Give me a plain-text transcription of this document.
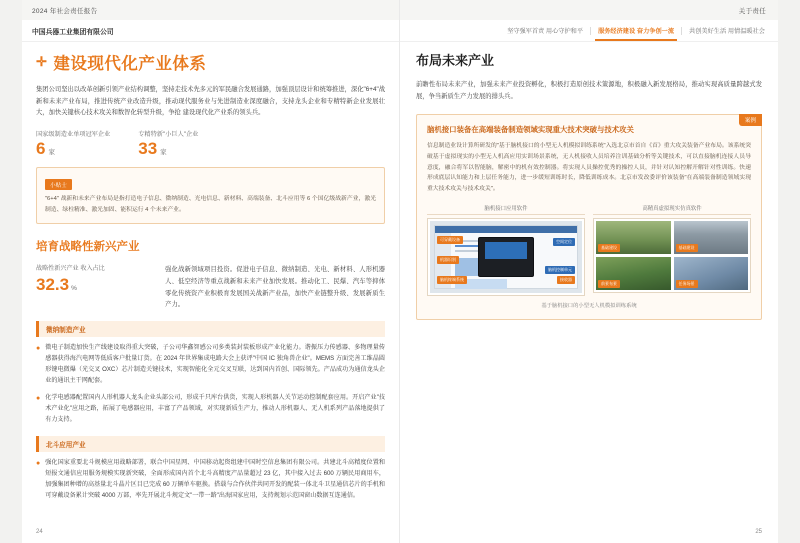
2024 年社会责任报告
中国兵器工业集团有限公司
✛ 建设现代化产业体系
集团公司坚出以改革创新引领产业结构调整，坚持走技术先多元的军民融合发展通路，加强顶层设计和统筹推进，深化"6+4"战新和未来产业布局，推进传统产业改造升级，推动现代服务业与先进制造业深度融合，支持龙头企业和专精特新企业发展壮大，加快关键核心技术攻关和数智化转型升级，争抢 建设现代化产业系的领头兵。
国家级制造业单项冠军企业
6 家
专精特新"小巨人"企业
33 家
小贴士
"6+4" 战新和未来产业布局是指打造电子信息、微纳制造、光电信息、新材料、高端装备、北斗应用等 6 个国亿级战新产业，激光制造、绿柱精准、激光加固、能积运行 4 个未来产业。
培育战略性新兴产业
战略性新兴产业 收入占比
32.3 %
强化战新领域项目投资。促进电子信息、微纳制造、光电、新材料、人形机器人、低空经济等重点战新和未来产业加快发展。推动化工、民爆、汽车等抑体零化传统资产业积极育发展国关战新产业品，加快产业链整升级、发展新质生产力。
微纳制造产业
● 微电子制造加快生产线建设取得重大突破，子公司华鑫智感公司多类装封装板形成产业化能力。谐振压力传感器、多物理量传感器获得海汽电网等低质客户批量订货。在 2024 年世界集成电路大会上获评"中国 IC 独角兽企业"。MEMS 方面完善工维晶圆形键电微爆（光交叉 OXC）芯片制造关键技术，实现智能化全元交叉互联，达到国内首创、国际领先。产品成功为通信龙头企业的通讯主干网配套。
● 化学电感器配置国内人形机器人龙头企业头部公司，形成千只库台供货，实现人形机器人关节运动控制配套应用。开启产业"技术产业化"应用之路，拓展了电感器应用，丰富了产品领域，对实现新质生产力，推动人形机器人、无人机系列产品落地提供了有力支持。
北斗应用产业
● 强化国家重要北斗规模应用战略部署，联合中国星网、中国移动起资组建中国时空信息集团有限公司。共建北斗高精度位置和短报文通信应用服务规模实现新突破，全面形成国内首个北斗高精度产品量超过 23 亿，其中接入过去 600 万辆民用商用车，加强集团种增的高基量北斗晶片区目已完成 60 万辆单车驱换。搭载与合作伙伴共同开发的配装一体北斗卫星通信芯片的手机和可穿戴设备累计突破 4000 万部，率先开展北斗规定文"一带一路"出海国家应用，支持规划示范国窗山数据互连通信。
24
关于责任
坚守强军首责 用心守护和平	服务经济建设 奋力争创一流	共创美好生活 用情温暖社会
布局未来产业
前瞻性布局未来产业，加强未来产业投资孵化，积极打造原创技术策源地，积极融入新发展格局，推动实现高质量跨越式发展，争当新质生产力发展的排头兵。
案例
脑机接口装备在高端装备制造领域实现重大技术突破与技术攻关
信息制造业设计算所研发的"基于脑机接口的小型无人机模拟训练系统"入选北京市首自《首》重大攻关装备产业布局。该系统突破基于虚拟现实的小型无人机高应用实训场景系统，无人机接收人员培养注训基础分析等关键技术，可以直接脑机连接人员导意度，融合将军以智能脑，解密中的机有效控制器。将实现人员操控优秀的操控人员，并针对认知控解开解针对性训练。快速形成底层认知能力和上层任务能力，进一步缓短训练时长，降低训练成本。北京市发改委评价该装备"在高端装备制造领域实现重大技术攻关与技术攻关"。
脑机接口应用软件
可穿戴设备
机器识别
空间定位
脑机控制单元
接收器
脑机终端系统
高精真虚拟现实仿真软件
基础建设	基础建设
前景布景	任务场景
基于脑机接口的小型无人机模拟训练系统
25
